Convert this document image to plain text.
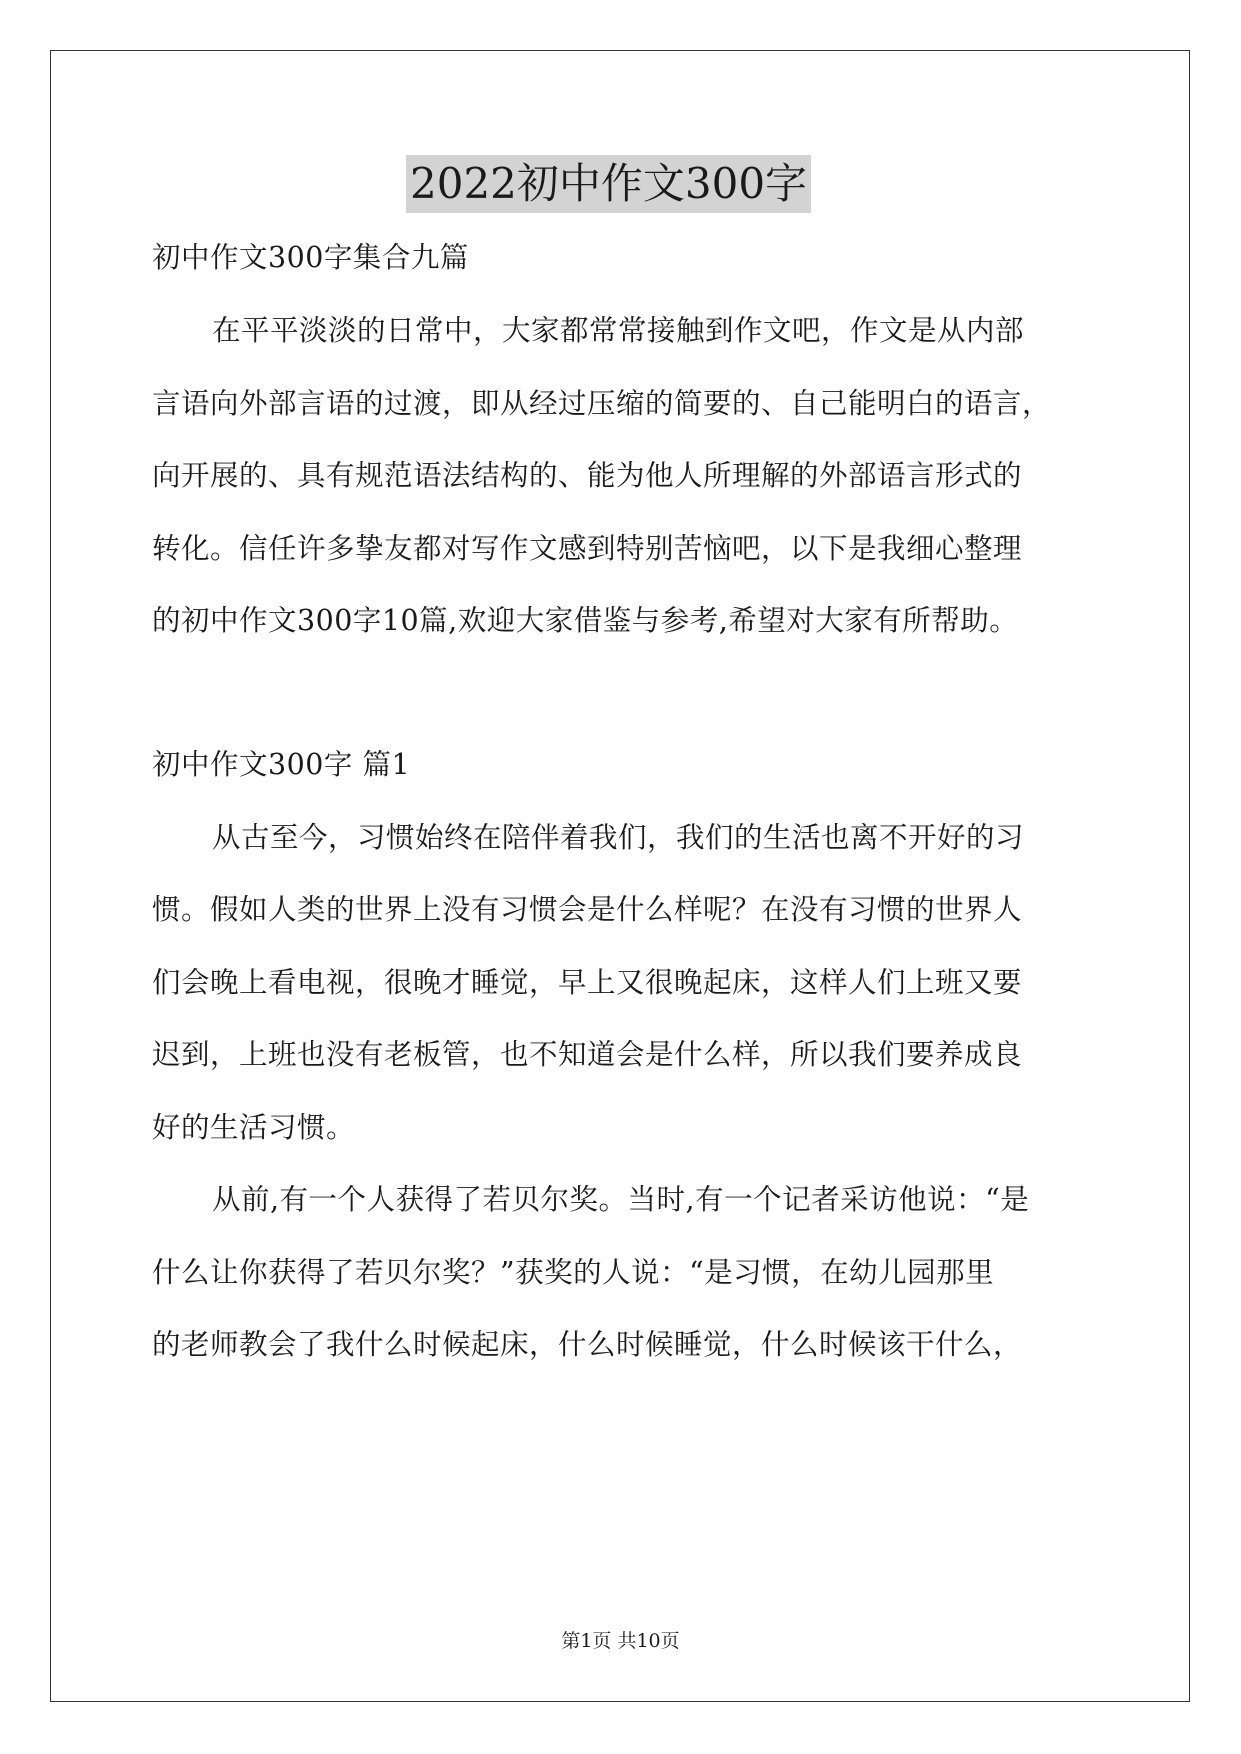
2022初中作文300字
初中作文300字集合九篇
在平平淡淡的日常中，大家都常常接触到作文吧，作文是从内部
言语向外部言语的过渡，即从经过压缩的简要的、自己能明白的语言，
向开展的、具有规范语法结构的、能为他人所理解的外部语言形式的
转化。信任许多挚友都对写作文感到特别苦恼吧，以下是我细心整理
的初中作文300字10篇,欢迎大家借鉴与参考,希望对大家有所帮助。
初中作文300字 篇1
从古至今，习惯始终在陪伴着我们，我们的生活也离不开好的习
惯。假如人类的世界上没有习惯会是什么样呢？在没有习惯的世界人
们会晚上看电视，很晚才睡觉，早上又很晚起床，这样人们上班又要
迟到，上班也没有老板管，也不知道会是什么样，所以我们要养成良
好的生活习惯。
从前,有一个人获得了若贝尔奖。当时,有一个记者采访他说：“是
什么让你获得了若贝尔奖？”获奖的人说：“是习惯，在幼儿园那里
的老师教会了我什么时候起床，什么时候睡觉，什么时候该干什么，
第1页 共10页
